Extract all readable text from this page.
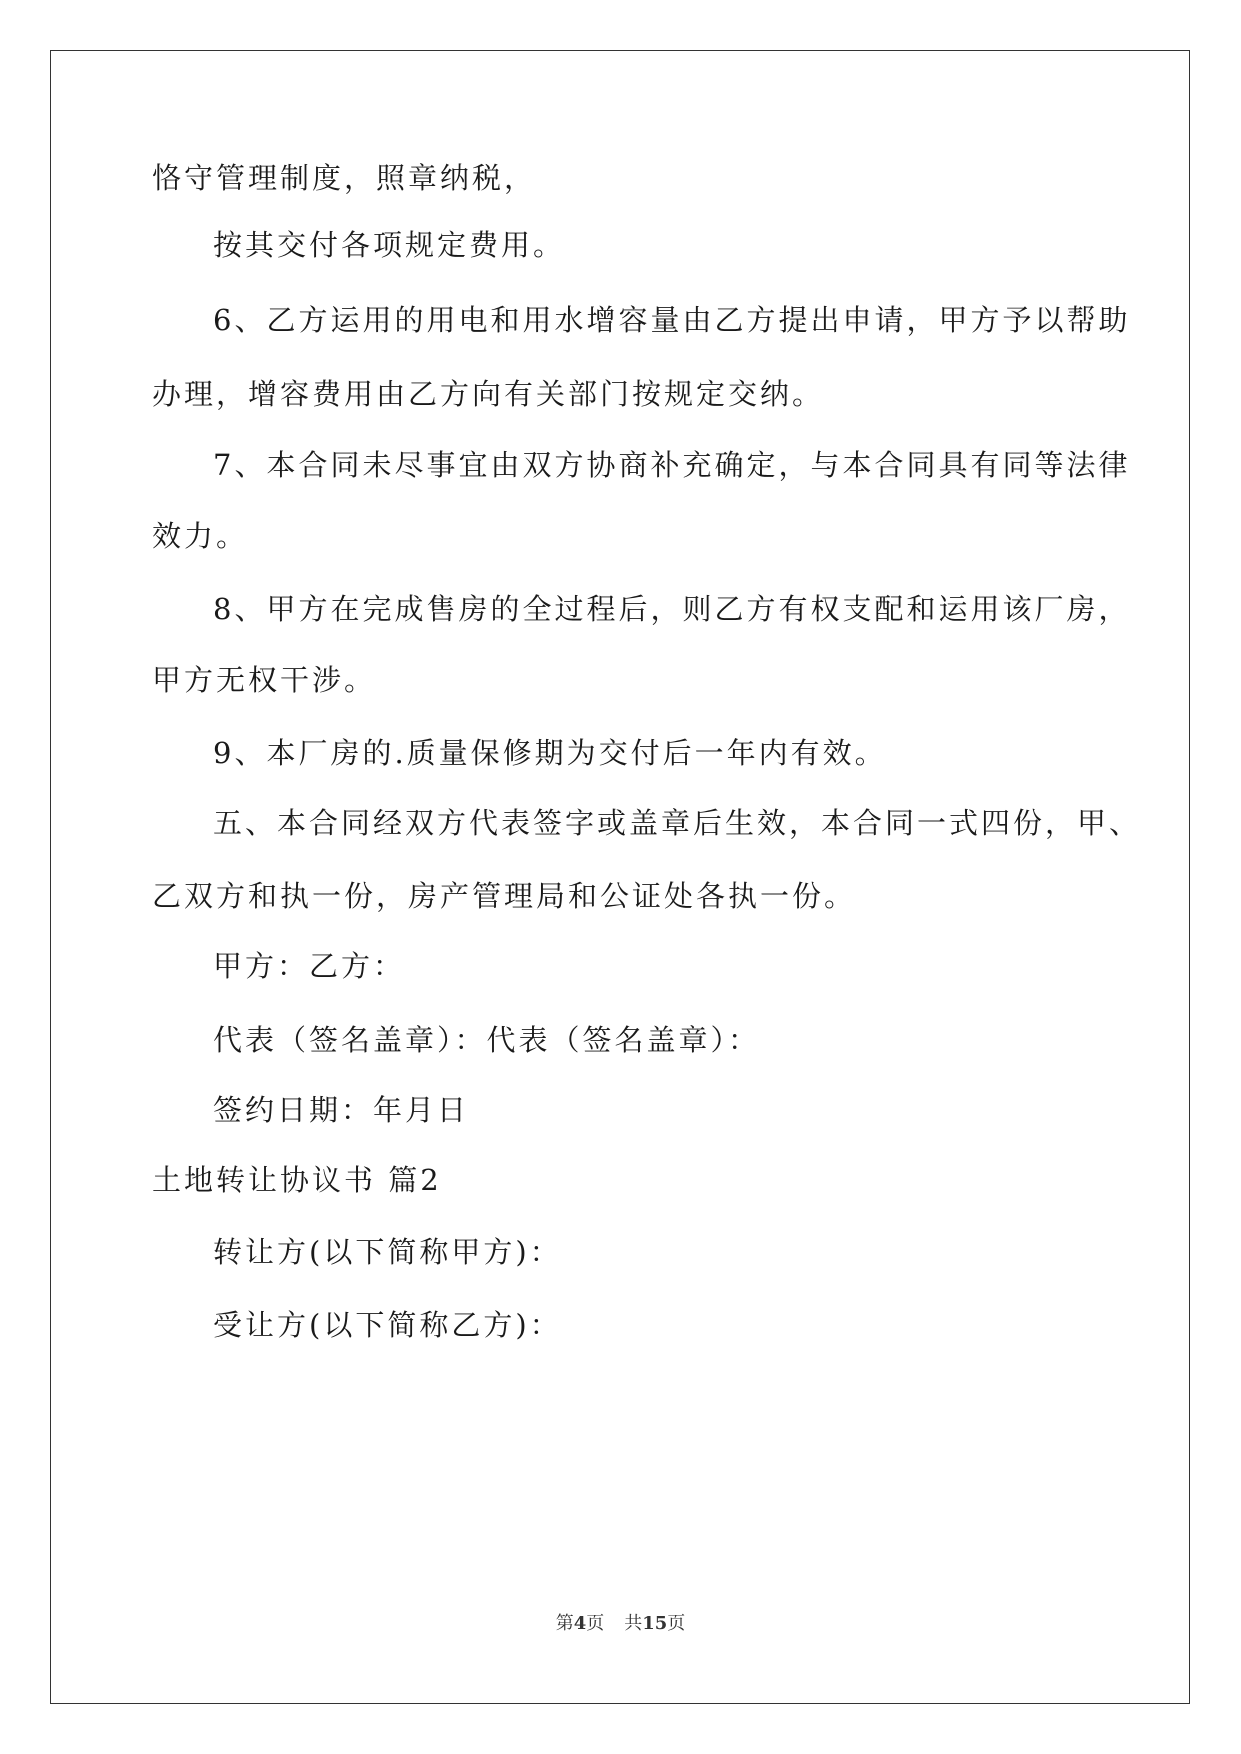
恪守管理制度，照章纳税，
按其交付各项规定费用。
6、乙方运用的用电和用水增容量由乙方提出申请，甲方予以帮助
办理，增容费用由乙方向有关部门按规定交纳。
7、本合同未尽事宜由双方协商补充确定，与本合同具有同等法律
效力。
8、甲方在完成售房的全过程后，则乙方有权支配和运用该厂房，
甲方无权干涉。
9、本厂房的.质量保修期为交付后一年内有效。
五、本合同经双方代表签字或盖章后生效，本合同一式四份，甲、
乙双方和执一份，房产管理局和公证处各执一份。
甲方：乙方：
代表（签名盖章）：代表（签名盖章）：
签约日期：年月日
土地转让协议书 篇2
转让方(以下简称甲方)：
受让方(以下简称乙方)：
第4页 共15页
